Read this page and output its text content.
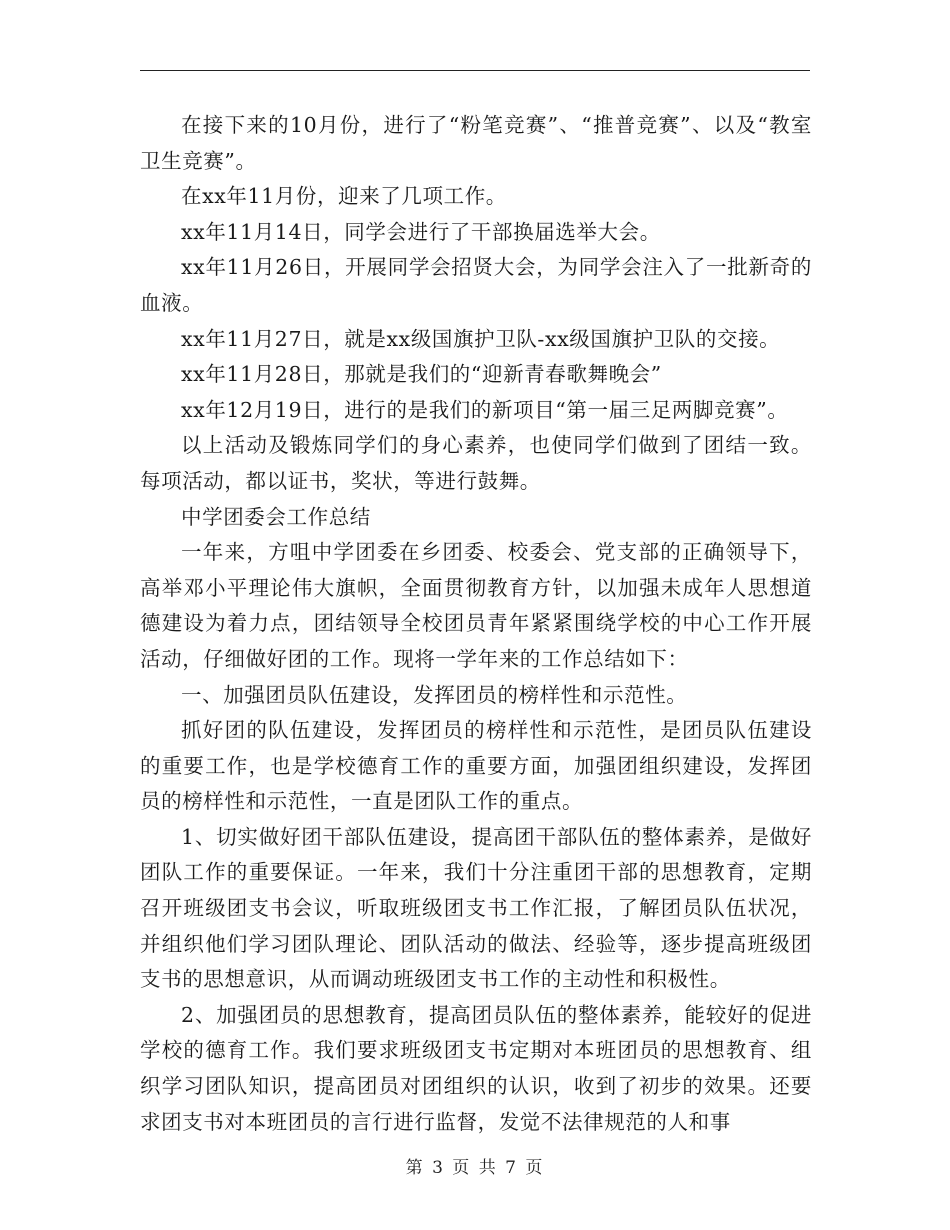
在接下来的10月份，进行了“粉笔竞赛”、“推普竞赛”、以及“教室卫生竞赛”。

在xx年11月份，迎来了几项工作。

xx年11月14日，同学会进行了干部换届选举大会。

xx年11月26日，开展同学会招贤大会，为同学会注入了一批新奇的血液。

xx年11月27日，就是xx级国旗护卫队-xx级国旗护卫队的交接。

xx年11月28日，那就是我们的“迎新青春歌舞晚会”

xx年12月19日，进行的是我们的新项目“第一届三足两脚竞赛”。

以上活动及锻炼同学们的身心素养，也使同学们做到了团结一致。每项活动，都以证书，奖状，等进行鼓舞。

中学团委会工作总结

一年来，方咀中学团委在乡团委、校委会、党支部的正确领导下，高举邓小平理论伟大旗帜，全面贯彻教育方针，以加强未成年人思想道德建设为着力点，团结领导全校团员青年紧紧围绕学校的中心工作开展活动，仔细做好团的工作。现将一学年来的工作总结如下：

一、加强团员队伍建设，发挥团员的榜样性和示范性。

抓好团的队伍建设，发挥团员的榜样性和示范性，是团员队伍建设的重要工作，也是学校德育工作的重要方面，加强团组织建设，发挥团员的榜样性和示范性，一直是团队工作的重点。

1、切实做好团干部队伍建设，提高团干部队伍的整体素养，是做好团队工作的重要保证。一年来，我们十分注重团干部的思想教育，定期召开班级团支书会议，听取班级团支书工作汇报，了解团员队伍状况，并组织他们学习团队理论、团队活动的做法、经验等，逐步提高班级团支书的思想意识，从而调动班级团支书工作的主动性和积极性。

2、加强团员的思想教育，提高团员队伍的整体素养，能较好的促进学校的德育工作。我们要求班级团支书定期对本班团员的思想教育、组织学习团队知识，提高团员对团组织的认识，收到了初步的效果。还要求团支书对本班团员的言行进行监督，发觉不法律规范的人和事

第 3 页 共 7 页
